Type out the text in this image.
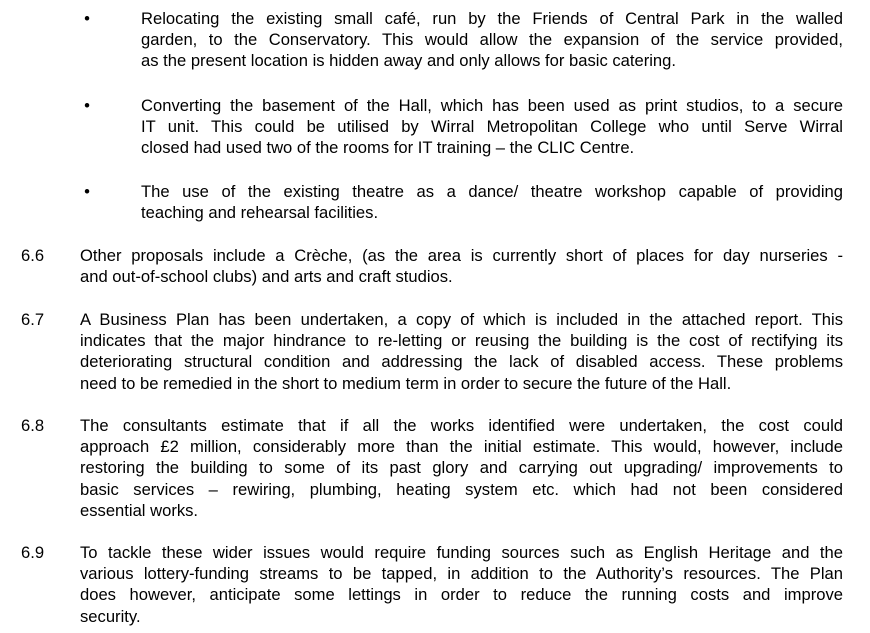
•	Relocating the existing small café, run by the Friends of Central Park in the walled
garden, to the Conservatory. This would allow the expansion of the service provided,
as the present location is hidden away and only allows for basic catering.
•	Converting the basement of the Hall, which has been used as print studios, to a secure
IT unit. This could be utilised by Wirral Metropolitan College who until Serve Wirral
closed had used two of the rooms for IT training – the CLIC Centre.
•	The use of the existing theatre as a dance/ theatre workshop capable of providing
teaching and rehearsal facilities.
6.6 Other proposals include a Crèche, (as the area is currently short of places for day nurseries -
and out-of-school clubs) and arts and craft studios.
6.7 A Business Plan has been undertaken, a copy of which is included in the attached report. This
indicates that the major hindrance to re-letting or reusing the building is the cost of rectifying its
deteriorating structural condition and addressing the lack of disabled access. These problems
need to be remedied in the short to medium term in order to secure the future of the Hall.
6.8 The consultants estimate that if all the works identified were undertaken, the cost could
approach £2 million, considerably more than the initial estimate. This would, however, include
restoring the building to some of its past glory and carrying out upgrading/ improvements to
basic services – rewiring, plumbing, heating system etc. which had not been considered
essential works.
6.9 To tackle these wider issues would require funding sources such as English Heritage and the
various lottery-funding streams to be tapped, in addition to the Authority’s resources. The Plan
does however, anticipate some lettings in order to reduce the running costs and improve
security.
